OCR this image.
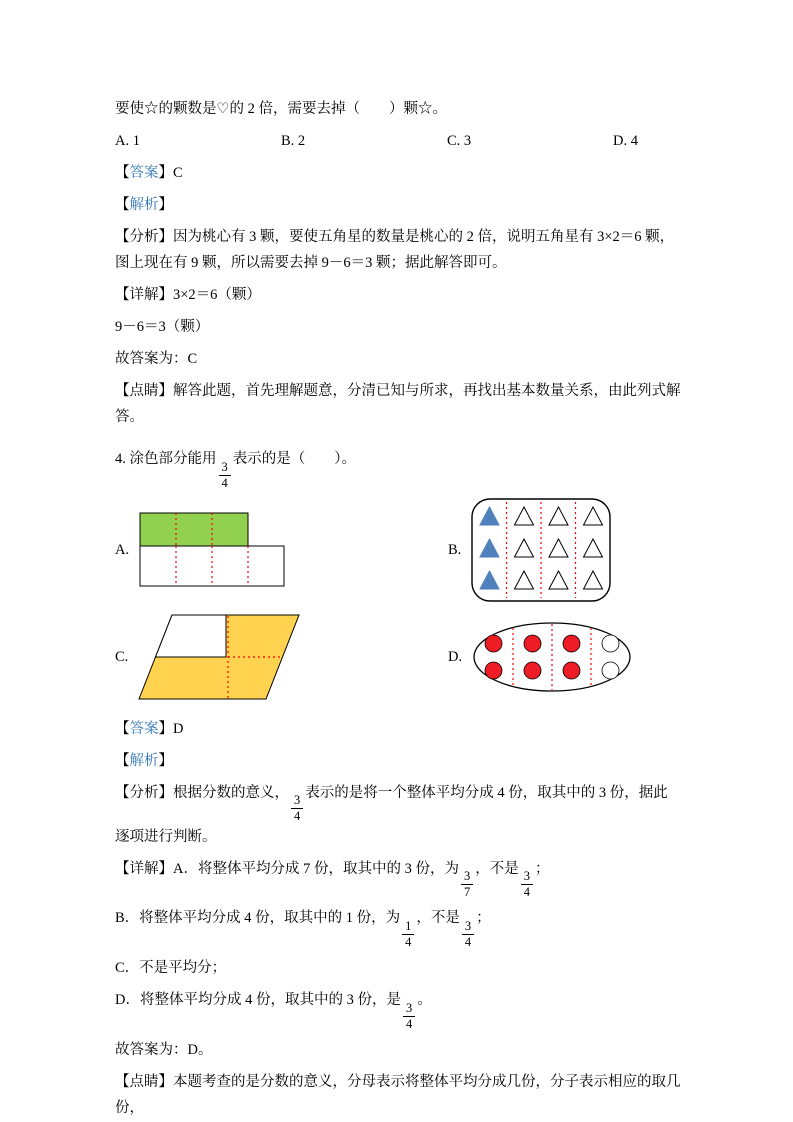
要使☆的颗数是♡的 2 倍，需要去掉（　　）颗☆。

A. 1	B. 2	C. 3	D. 4

【答案】C

【解析】

【分析】因为桃心有 3 颗，要使五角星的数量是桃心的 2 倍，说明五角星有 3×2＝6 颗，图上现在有 9 颗，所以需要去掉 9－6＝3 颗；据此解答即可。

【详解】3×2＝6（颗）

9－6＝3（颗）

故答案为：C

【点睛】解答此题，首先理解题意，分清已知与所求，再找出基本数量关系，由此列式解答。

4. 涂色部分能用
$\frac{3}{4}$
表示的是（　　）。

A.	B.
C.	D.

【答案】D

【解析】

【分析】根据分数的意义，
$\frac{3}{4}$
表示的是将一个整体平均分成 4 份，取其中的 3 份，据此逐项进行判断。

【详解】A．将整体平均分成 7 份，取其中的 3 份，为
$\frac{3}{7}$
，不是
$\frac{3}{4}$
；

B．将整体平均分成 4 份，取其中的 1 份，为
$\frac{1}{4}$
，不是
$\frac{3}{4}$
；

C．不是平均分；

D．将整体平均分成 4 份，取其中的 3 份，是
$\frac{3}{4}$
。

故答案为：D。

【点睛】本题考查的是分数的意义，分母表示将整体平均分成几份，分子表示相应的取几份，
